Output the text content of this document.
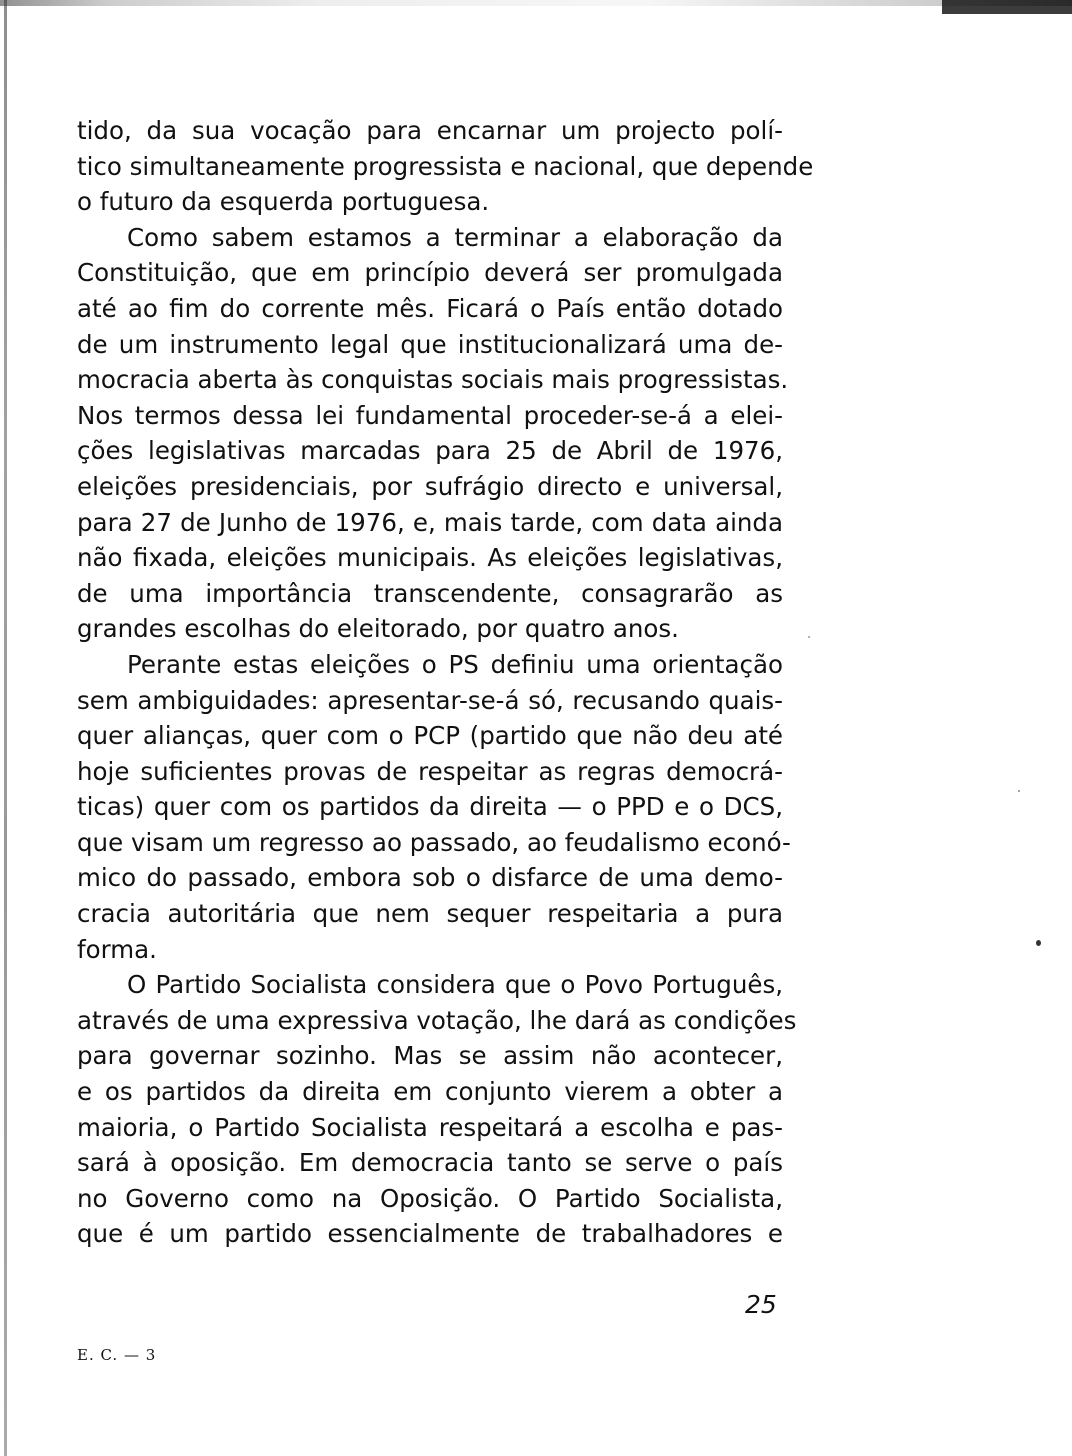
tido, da sua vocação para encarnar um projecto polí-
tico simultaneamente progressista e nacional, que depende
o futuro da esquerda portuguesa.

Como sabem estamos a terminar a elaboração da
Constituição, que em princípio deverá ser promulgada
até ao fim do corrente mês. Ficará o País então dotado
de um instrumento legal que institucionalizará uma de-
mocracia aberta às conquistas sociais mais progressistas.
Nos termos dessa lei fundamental proceder-se-á a elei-
ções legislativas marcadas para 25 de Abril de 1976,
eleições presidenciais, por sufrágio directo e universal,
para 27 de Junho de 1976, e, mais tarde, com data ainda
não fixada, eleições municipais. As eleições legislativas,
de uma importância transcendente, consagrarão as
grandes escolhas do eleitorado, por quatro anos.

Perante estas eleições o PS definiu uma orientação
sem ambiguidades: apresentar-se-á só, recusando quais-
quer alianças, quer com o PCP (partido que não deu até
hoje suficientes provas de respeitar as regras democrá-
ticas) quer com os partidos da direita — o PPD e o DCS,
que visam um regresso ao passado, ao feudalismo econó-
mico do passado, embora sob o disfarce de uma demo-
cracia autoritária que nem sequer respeitaria a pura
forma.

O Partido Socialista considera que o Povo Português,
através de uma expressiva votação, lhe dará as condições
para governar sozinho. Mas se assim não acontecer,
e os partidos da direita em conjunto vierem a obter a
maioria, o Partido Socialista respeitará a escolha e pas-
sará à oposição. Em democracia tanto se serve o país
no Governo como na Oposição. O Partido Socialista,
que é um partido essencialmente de trabalhadores e

25
E. C. — 3
